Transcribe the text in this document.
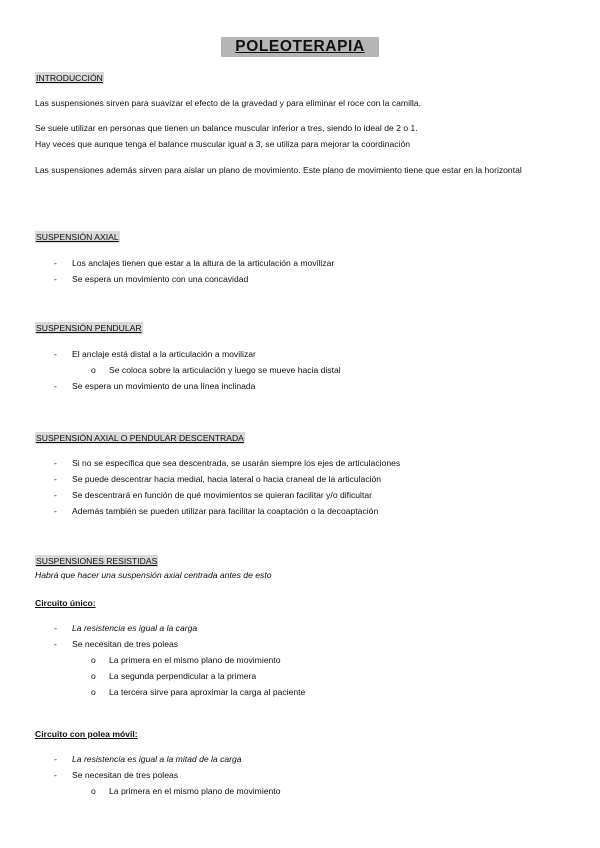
POLEOTERAPIA
INTRODUCCIÓN
Las suspensiones sirven para suavizar el efecto de la gravedad y para eliminar el roce con la camilla.
Se suele utilizar en personas que tienen un balance muscular inferior a tres, siendo lo ideal de 2 o 1.
Hay veces que aunque tenga el balance muscular igual a 3, se utiliza para mejorar la coordinación
Las suspensiones además sirven para aislar un plano de movimiento. Este plano de movimiento tiene que estar en la horizontal
SUSPENSIÓN AXIAL
- Los anclajes tienen que estar a la altura de la articulación a movilizar
- Se espera un movimiento con una concavidad
SUSPENSIÓN PENDULAR
- El anclaje está distal a la articulación a movilizar
o Se coloca sobre la articulación y luego se mueve hacia distal
- Se espera un movimiento de una línea inclinada
SUSPENSIÓN AXIAL O PENDULAR DESCENTRADA
- Si no se especifica que sea descentrada, se usarán siempre los ejes de articulaciones
- Se puede descentrar hacia medial, hacia lateral o hacia craneal de la articulación
- Se descentrará en función de qué movimientos se quieran facilitar y/o dificultar
- Además también se pueden utilizar para facilitar la coaptación o la decoaptación
SUSPENSIONES RESISTIDAS
Habrá que hacer una suspensión axial centrada antes de esto
Circuito único:
- La resistencia es igual a la carga
- Se necesitan de tres poleas
o La primera en el mismo plano de movimiento
o La segunda perpendicular a la primera
o La tercera sirve para aproximar la carga al paciente
Circuito con polea móvil:
- La resistencia es igual a la mitad de la carga
- Se necesitan de tres poleas
o La primera en el mismo plano de movimiento
